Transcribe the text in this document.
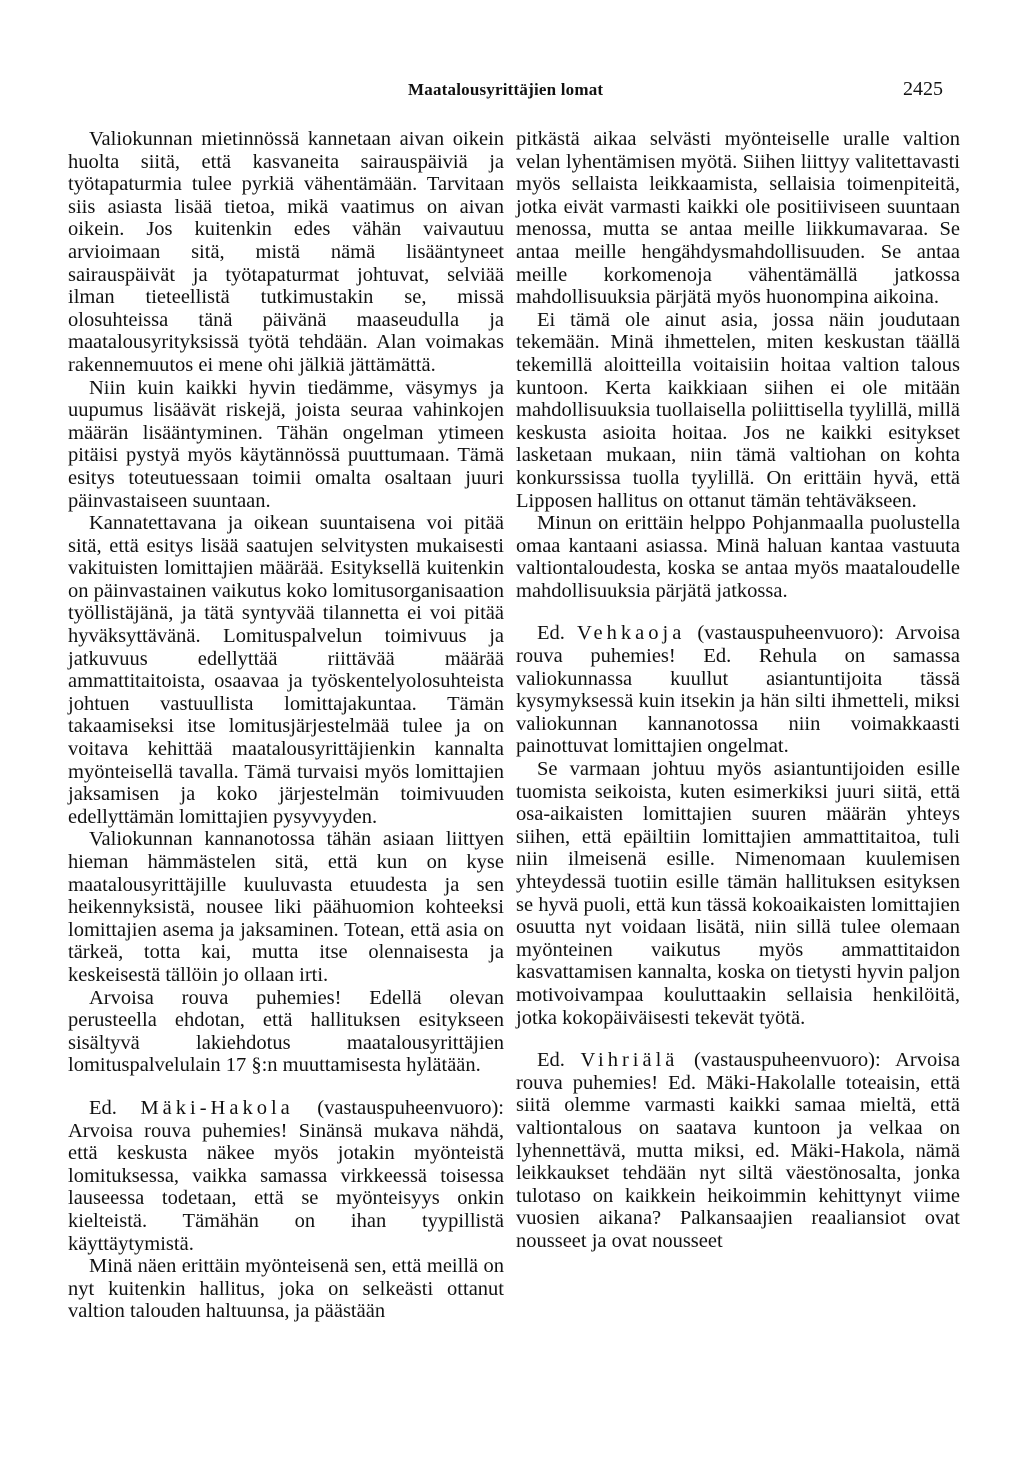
Maatalousyrittäjien lomat	2425

Valiokunnan mietinnössä kannetaan aivan oikein huolta siitä, että kasvaneita sairauspäiviä ja työtapaturmia tulee pyrkiä vähentämään. Tarvitaan siis asiasta lisää tietoa, mikä vaatimus on aivan oikein. Jos kuitenkin edes vähän vaivautuu arvioimaan sitä, mistä nämä lisääntyneet sairauspäivät ja työtapaturmat johtuvat, selviää ilman tieteellistä tutkimustakin se, missä olosuhteissa tänä päivänä maaseudulla ja maatalousyrityksissä työtä tehdään. Alan voimakas rakennemuutos ei mene ohi jälkiä jättämättä.

Niin kuin kaikki hyvin tiedämme, väsymys ja uupumus lisäävät riskejä, joista seuraa vahinkojen määrän lisääntyminen. Tähän ongelman ytimeen pitäisi pystyä myös käytännössä puuttumaan. Tämä esitys toteutuessaan toimii omalta osaltaan juuri päinvastaiseen suuntaan.

Kannatettavana ja oikean suuntaisena voi pitää sitä, että esitys lisää saatujen selvitysten mukaisesti vakituisten lomittajien määrää. Esityksellä kuitenkin on päinvastainen vaikutus koko lomitusorganisaation työllistäjänä, ja tätä syntyvää tilannetta ei voi pitää hyväksyttävänä. Lomituspalvelun toimivuus ja jatkuvuus edellyttää riittävää määrää ammattitaitoista, osaavaa ja työskentelyolosuhteista johtuen vastuullista lomittajakuntaa. Tämän takaamiseksi itse lomitusjärjestelmää tulee ja on voitava kehittää maatalousyrittäjienkin kannalta myönteisellä tavalla. Tämä turvaisi myös lomittajien jaksamisen ja koko järjestelmän toimivuuden edellyttämän lomittajien pysyvyyden.

Valiokunnan kannanotossa tähän asiaan liittyen hieman hämmästelen sitä, että kun on kyse maatalousyrittäjille kuuluvasta etuudesta ja sen heikennyksistä, nousee liki päähuomion kohteeksi lomittajien asema ja jaksaminen. Totean, että asia on tärkeä, totta kai, mutta itse olennaisesta ja keskeisestä tällöin jo ollaan irti.

Arvoisa rouva puhemies! Edellä olevan perusteella ehdotan, että hallituksen esitykseen sisältyvä lakiehdotus maatalousyrittäjien lomituspalvelulain 17 §:n muuttamisesta hylätään.

Ed. Mäki-Hakola (vastauspuheenvuoro): Arvoisa rouva puhemies! Sinänsä mukava nähdä, että keskusta näkee myös jotakin myönteistä lomituksessa, vaikka samassa virkkeessä toisessa lauseessa todetaan, että se myönteisyys onkin kielteistä. Tämähän on ihan tyypillistä käyttäytymistä.

Minä näen erittäin myönteisenä sen, että meillä on nyt kuitenkin hallitus, joka on selkeästi ottanut valtion talouden haltuunsa, ja päästään

pitkästä aikaa selvästi myönteiselle uralle valtion velan lyhentämisen myötä. Siihen liittyy valitettavasti myös sellaista leikkaamista, sellaisia toimenpiteitä, jotka eivät varmasti kaikki ole positiiviseen suuntaan menossa, mutta se antaa meille liikkumavaraa. Se antaa meille hengähdysmahdollisuuden. Se antaa meille korkomenoja vähentämällä jatkossa mahdollisuuksia pärjätä myös huonompina aikoina.

Ei tämä ole ainut asia, jossa näin joudutaan tekemään. Minä ihmettelen, miten keskustan täällä tekemillä aloitteilla voitaisiin hoitaa valtion talous kuntoon. Kerta kaikkiaan siihen ei ole mitään mahdollisuuksia tuollaisella poliittisella tyylillä, millä keskusta asioita hoitaa. Jos ne kaikki esitykset lasketaan mukaan, niin tämä valtiohan on kohta konkurssissa tuolla tyylillä. On erittäin hyvä, että Lipposen hallitus on ottanut tämän tehtäväkseen.

Minun on erittäin helppo Pohjanmaalla puolustella omaa kantaani asiassa. Minä haluan kantaa vastuuta valtiontaloudesta, koska se antaa myös maataloudelle mahdollisuuksia pärjätä jatkossa.

Ed. Vehkaoja (vastauspuheenvuoro): Arvoisa rouva puhemies! Ed. Rehula on samassa valiokunnassa kuullut asiantuntijoita tässä kysymyksessä kuin itsekin ja hän silti ihmetteli, miksi valiokunnan kannanotossa niin voimakkaasti painottuvat lomittajien ongelmat.

Se varmaan johtuu myös asiantuntijoiden esille tuomista seikoista, kuten esimerkiksi juuri siitä, että osa-aikaisten lomittajien suuren määrän yhteys siihen, että epäiltiin lomittajien ammattitaitoa, tuli niin ilmeisenä esille. Nimenomaan kuulemisen yhteydessä tuotiin esille tämän hallituksen esityksen se hyvä puoli, että kun tässä kokoaikaisten lomittajien osuutta nyt voidaan lisätä, niin sillä tulee olemaan myönteinen vaikutus myös ammattitaidon kasvattamisen kannalta, koska on tietysti hyvin paljon motivoivampaa kouluttaakin sellaisia henkilöitä, jotka kokopäiväisesti tekevät työtä.

Ed. Vihriälä (vastauspuheenvuoro): Arvoisa rouva puhemies! Ed. Mäki-Hakolalle toteaisin, että siitä olemme varmasti kaikki samaa mieltä, että valtiontalous on saatava kuntoon ja velkaa on lyhennettävä, mutta miksi, ed. Mäki-Hakola, nämä leikkaukset tehdään nyt siltä väestönosalta, jonka tulotaso on kaikkein heikoimmin kehittynyt viime vuosien aikana? Palkansaajien reaaliansiot ovat nousseet ja ovat nousseet
